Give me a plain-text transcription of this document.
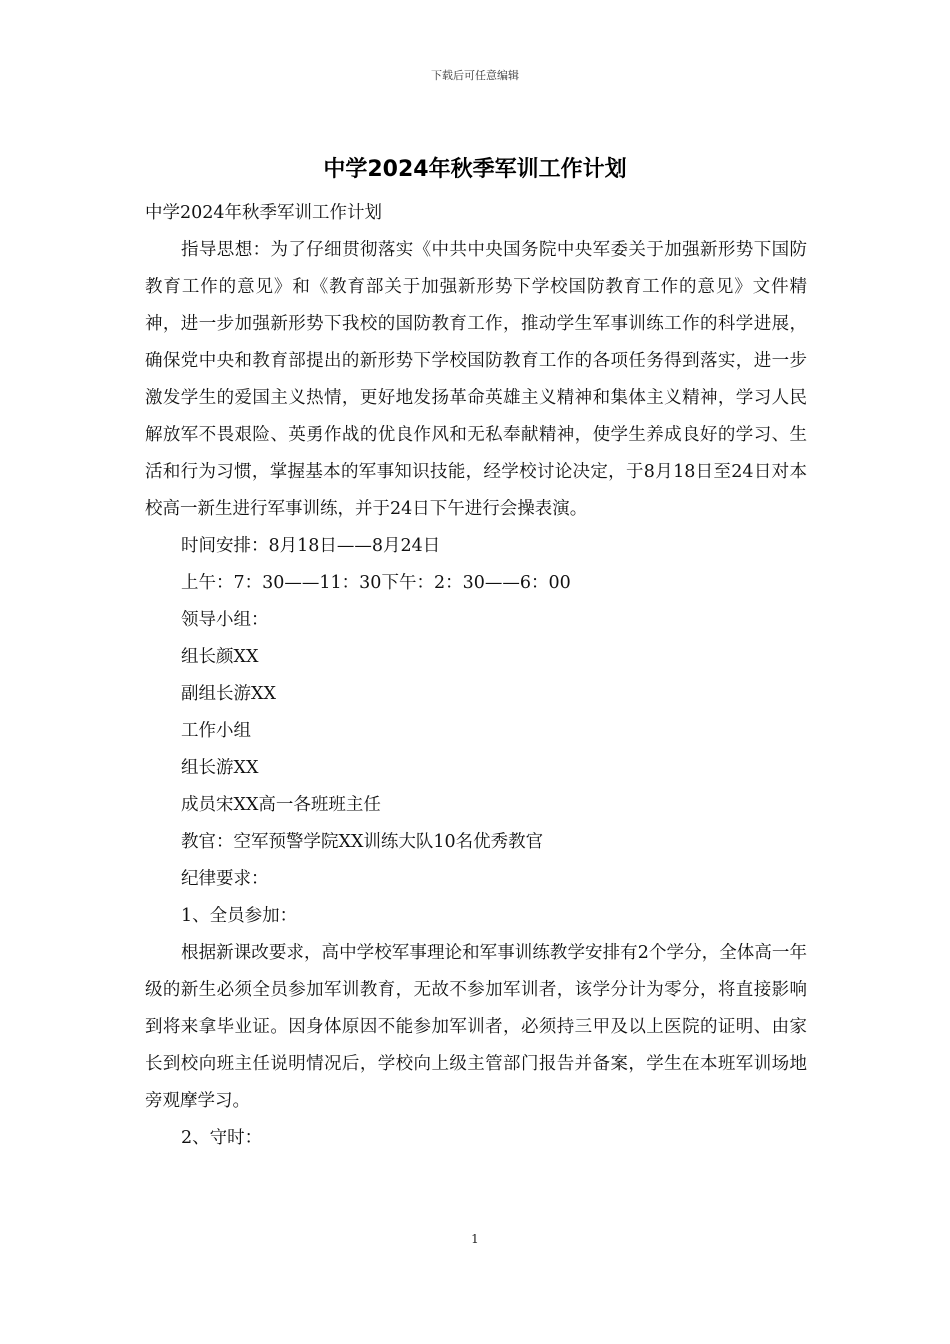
下载后可任意编辑
中学2024年秋季军训工作计划

中学2024年秋季军训工作计划

指导思想：为了仔细贯彻落实《中共中央国务院中央军委关于加强新形势下国防教育工作的意见》和《教育部关于加强新形势下学校国防教育工作的意见》文件精神，进一步加强新形势下我校的国防教育工作，推动学生军事训练工作的科学进展，确保党中央和教育部提出的新形势下学校国防教育工作的各项任务得到落实，进一步激发学生的爱国主义热情，更好地发扬革命英雄主义精神和集体主义精神，学习人民解放军不畏艰险、英勇作战的优良作风和无私奉献精神，使学生养成良好的学习、生活和行为习惯，掌握基本的军事知识技能，经学校讨论决定，于8月18日至24日对本校高一新生进行军事训练，并于24日下午进行会操表演。

时间安排：8月18日——8月24日

上午：7：30——11：30下午：2：30——6：00

领导小组：

组长颜XX

副组长游XX

工作小组

组长游XX

成员宋XX高一各班班主任

教官：空军预警学院XX训练大队10名优秀教官

纪律要求：

1、全员参加：

根据新课改要求，高中学校军事理论和军事训练教学安排有2个学分，全体高一年级的新生必须全员参加军训教育，无故不参加军训者，该学分计为零分，将直接影响到将来拿毕业证。因身体原因不能参加军训者，必须持三甲及以上医院的证明、由家长到校向班主任说明情况后，学校向上级主管部门报告并备案，学生在本班军训场地旁观摩学习。

2、守时：

1
